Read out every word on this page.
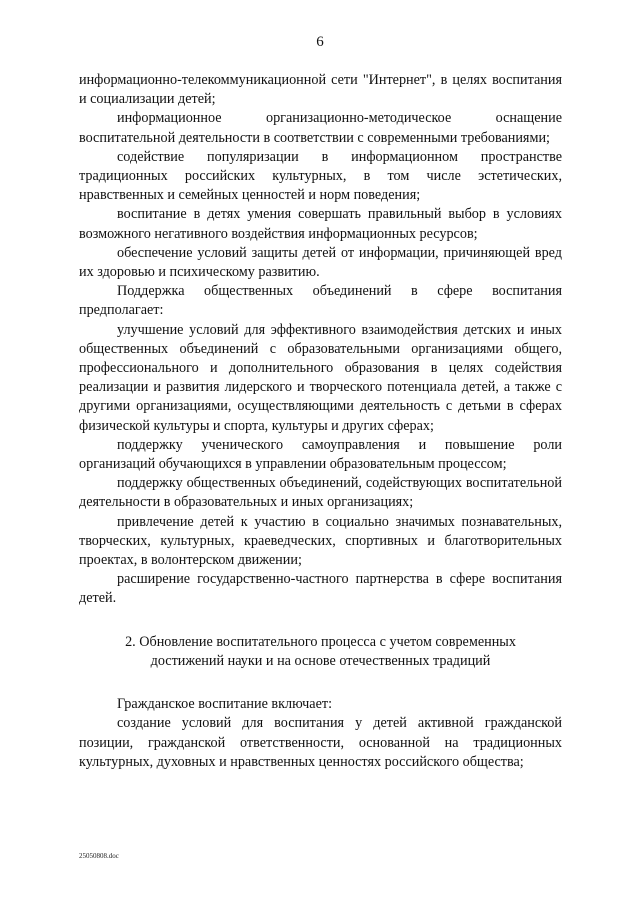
6

информационно-телекоммуникационной сети "Интернет", в целях воспитания и социализации детей;

информационное организационно-методическое оснащение воспитательной деятельности в соответствии с современными требованиями;

содействие популяризации в информационном пространстве традиционных российских культурных, в том числе эстетических, нравственных и семейных ценностей и норм поведения;

воспитание в детях умения совершать правильный выбор в условиях возможного негативного воздействия информационных ресурсов;

обеспечение условий защиты детей от информации, причиняющей вред их здоровью и психическому развитию.

Поддержка общественных объединений в сфере воспитания предполагает:

улучшение условий для эффективного взаимодействия детских и иных общественных объединений с образовательными организациями общего, профессионального и дополнительного образования в целях содействия реализации и развития лидерского и творческого потенциала детей, а также с другими организациями, осуществляющими деятельность с детьми в сферах физической культуры и спорта, культуры и других сферах;

поддержку ученического самоуправления и повышение роли организаций обучающихся в управлении образовательным процессом;

поддержку общественных объединений, содействующих воспитательной деятельности в образовательных и иных организациях;

привлечение детей к участию в социально значимых познавательных, творческих, культурных, краеведческих, спортивных и благотворительных проектах, в волонтерском движении;

расширение государственно-частного партнерства в сфере воспитания детей.

2. Обновление воспитательного процесса с учетом современных
достижений науки и на основе отечественных традиций

Гражданское воспитание включает:

создание условий для воспитания у детей активной гражданской позиции, гражданской ответственности, основанной на традиционных культурных, духовных и нравственных ценностях российского общества;

25050808.doc
